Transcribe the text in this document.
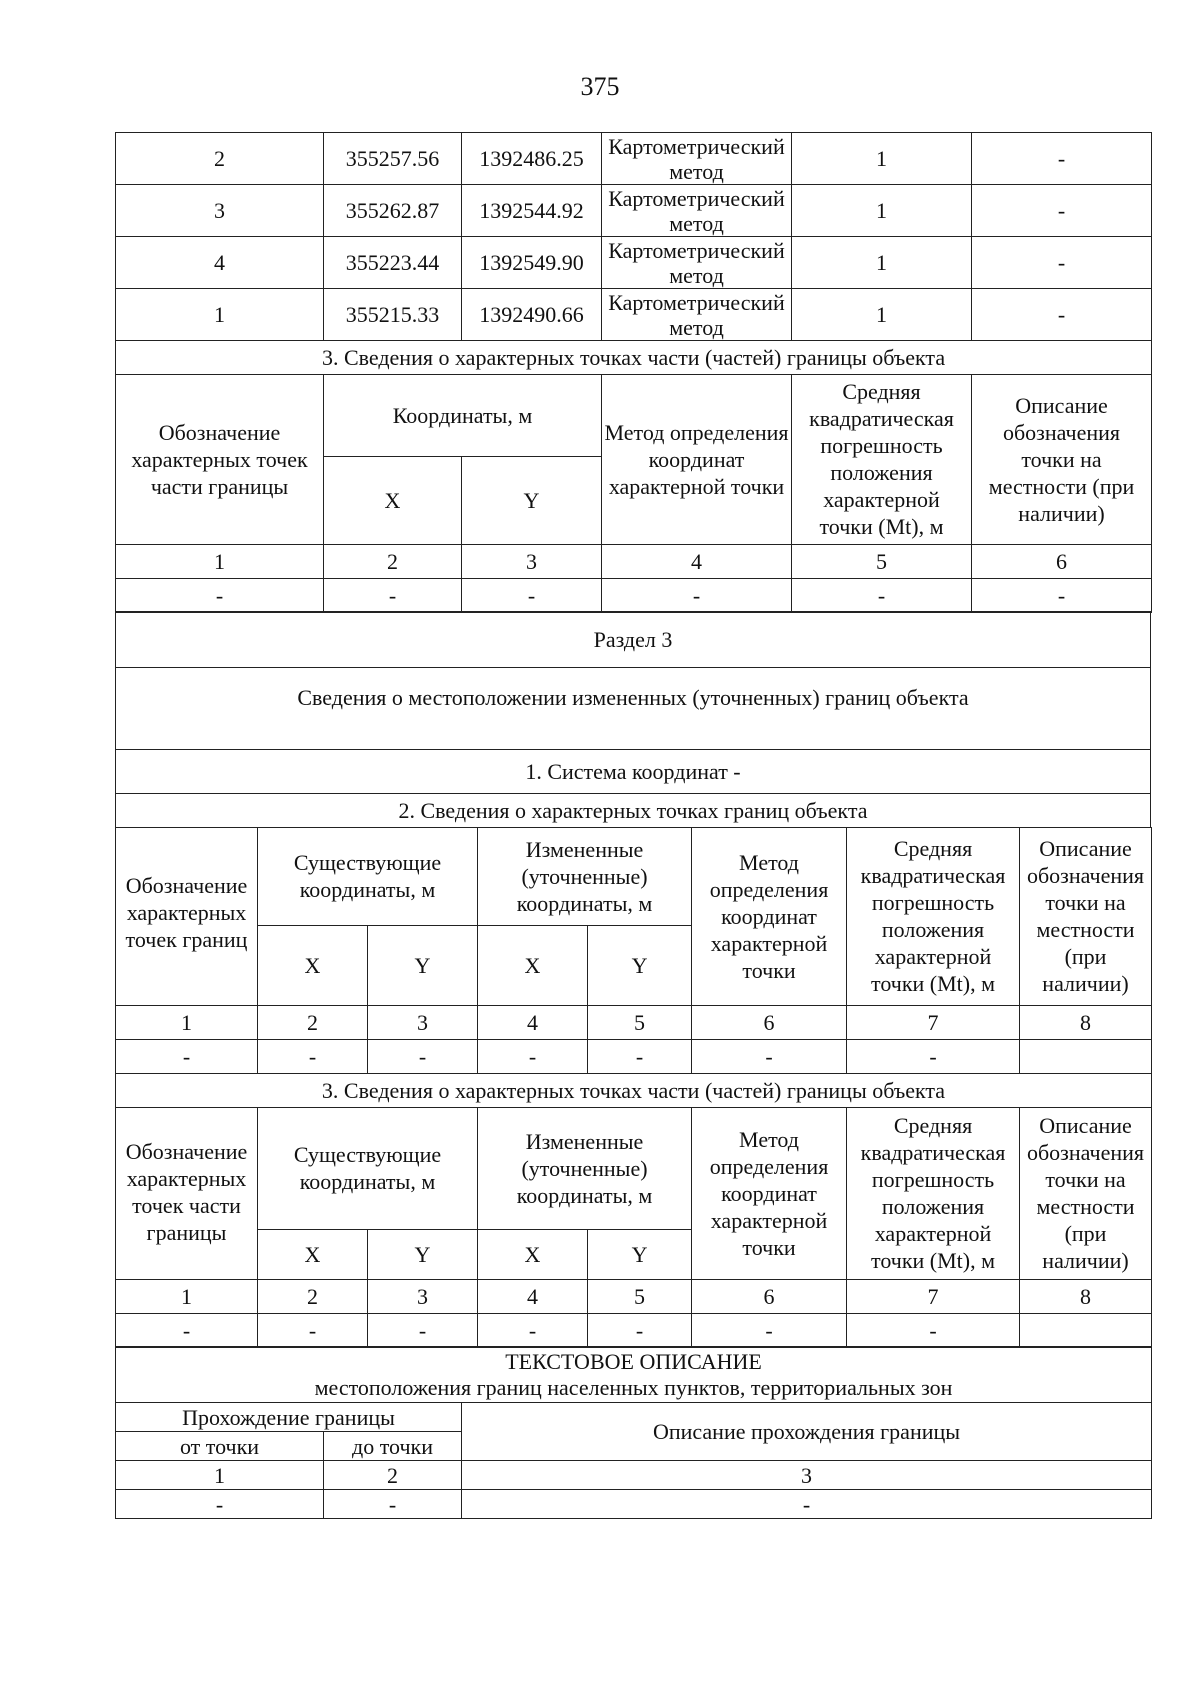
375
2	355257.56	1392486.25	Картометрический метод	1	-
3	355262.87	1392544.92	Картометрический метод	1	-
4	355223.44	1392549.90	Картометрический метод	1	-
1	355215.33	1392490.66	Картометрический метод	1	-
3. Сведения о характерных точках части (частей) границы объекта					
Обозначение характерных точек части границы	Координаты, м		Метод определения координат характерной точки	Средняя квадратическая погрешность положения характерной точки (Mt), м	Описание обозначения точки на местности (при наличии)
	X	Y			
1	2	3	4	5	6
-	-	-	-	-	-
Раздел 3
Сведения о местоположении измененных (уточненных) границ объекта
1. Система координат -
2. Сведения о характерных точках границ объекта
Обозначение характерных точек границ	Существующие координаты, м		Измененные (уточненные) координаты, м		Метод определения координат характерной точки	Средняя квадратическая погрешность положения характерной точки (Mt), м	Описание обозначения точки на местности (при наличии)
	X	Y	X	Y			
1	2	3	4	5	6	7	8
-	-	-	-	-	-	-	
3. Сведения о характерных точках части (частей) границы объекта							
Обозначение характерных точек части границы	Существующие координаты, м		Измененные (уточненные) координаты, м		Метод определения координат характерной точки	Средняя квадратическая погрешность положения характерной точки (Mt), м	Описание обозначения точки на местности (при наличии)
	X	Y	X	Y			
1	2	3	4	5	6	7	8
-	-	-	-	-	-	-	
ТЕКСТОВОЕ ОПИСАНИЕ
местоположения границ населенных пунктов, территориальных зон		

Прохождение границы		Описание прохождения границы
от точки	до точки	
1	2	3
-	-	-
